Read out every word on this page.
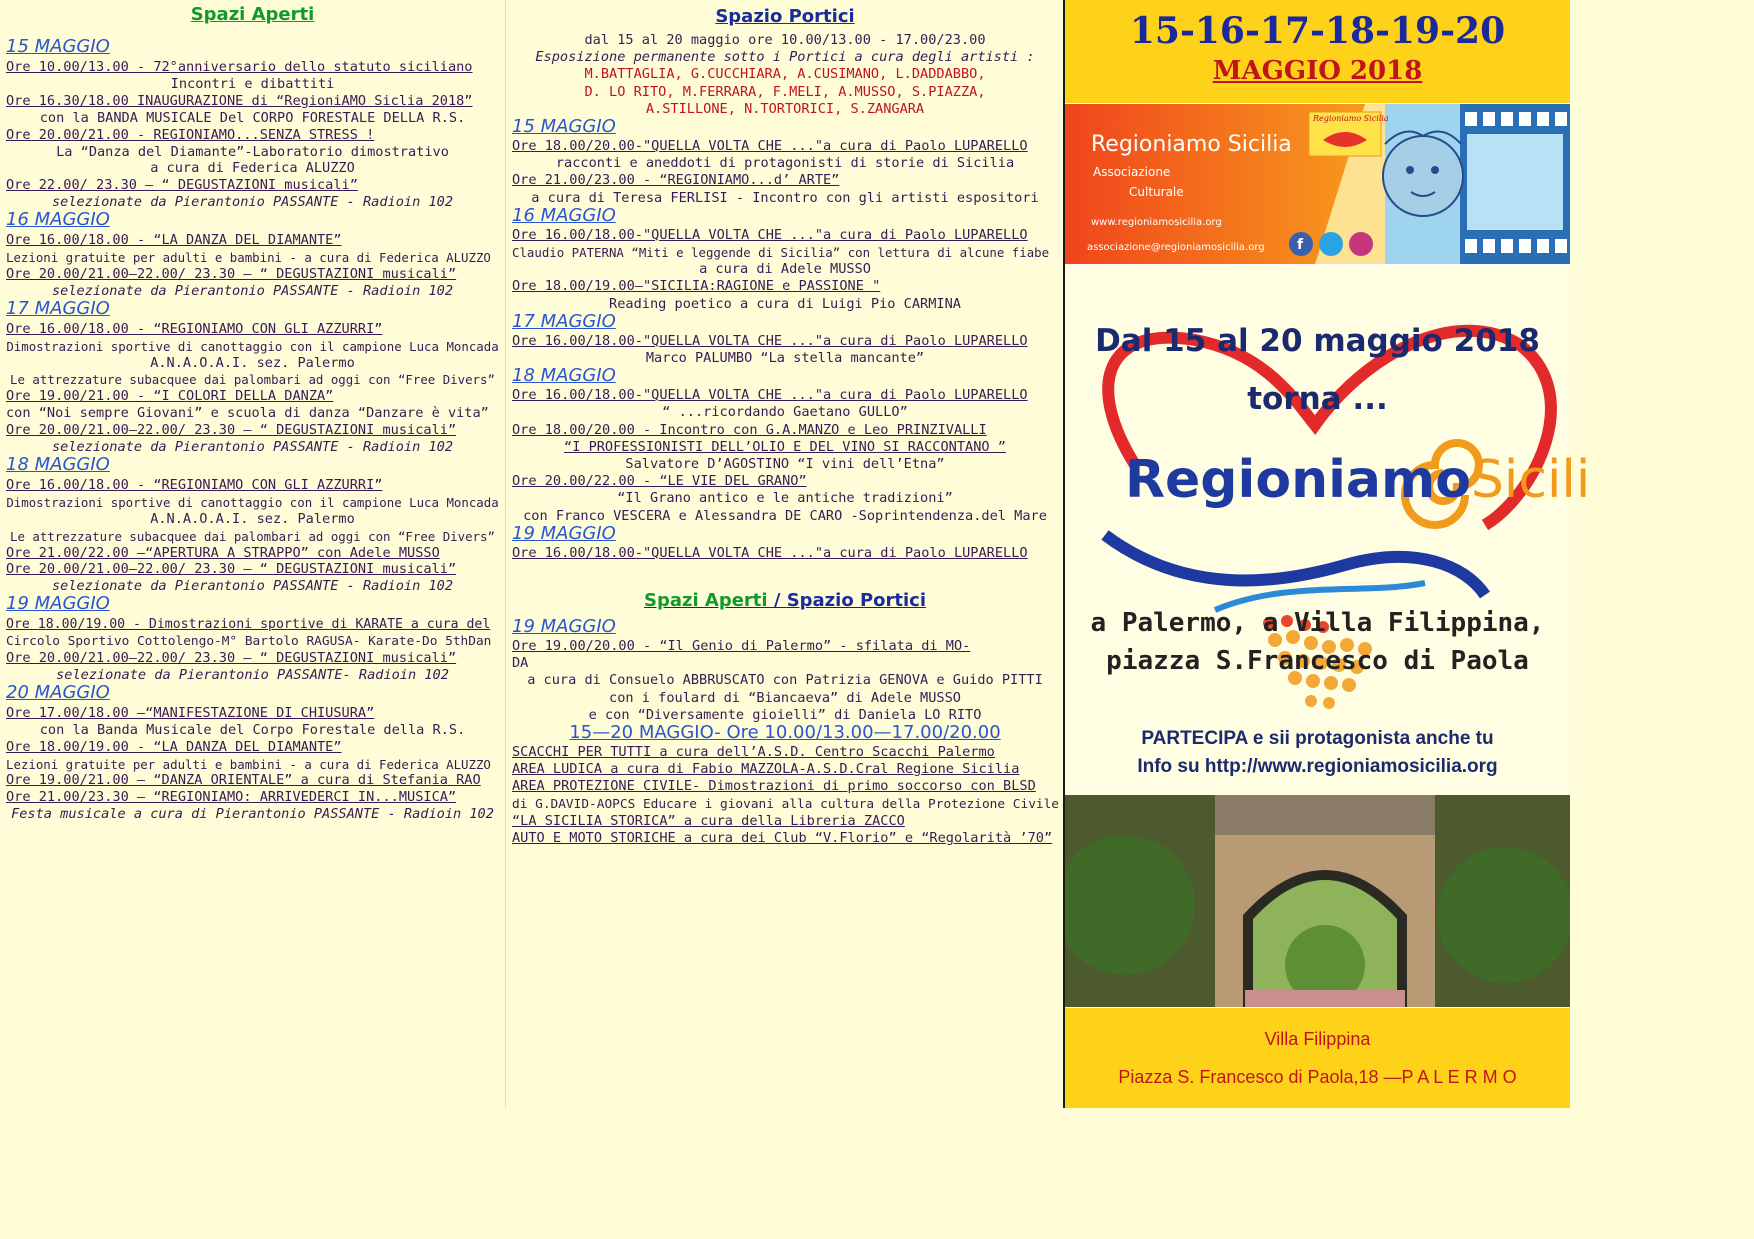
Spazi Aperti
15 MAGGIO
Ore 10.00/13.00 - 72°anniversario dello statuto siciliano
Incontri e dibattiti
Ore 16.30/18.00 INAUGURAZIONE di “RegioniAMO Siclia 2018”
con la BANDA MUSICALE Del CORPO FORESTALE DELLA R.S.
Ore 20.00/21.00 - REGIONIAMO...SENZA STRESS !
La “Danza del Diamante”-Laboratorio dimostrativo
a cura di Federica ALUZZO
Ore 22.00/ 23.30 — “ DEGUSTAZIONI musicali”
selezionate da Pierantonio PASSANTE - Radioin 102
16 MAGGIO
Ore 16.00/18.00 - “LA DANZA DEL DIAMANTE”
Lezioni gratuite per adulti e bambini - a cura di Federica ALUZZO
Ore 20.00/21.00—22.00/ 23.30 — “ DEGUSTAZIONI musicali”
selezionate da Pierantonio PASSANTE - Radioin 102
17 MAGGIO
Ore 16.00/18.00 - “REGIONIAMO CON GLI AZZURRI”
Dimostrazioni sportive di canottaggio con il campione Luca Moncada
A.N.A.O.A.I. sez. Palermo
Le attrezzature subacquee dai palombari ad oggi con “Free Divers”
Ore 19.00/21.00 - “I COLORI DELLA DANZA”
con “Noi sempre Giovani” e scuola di danza “Danzare è vita”
Ore 20.00/21.00—22.00/ 23.30 — “ DEGUSTAZIONI musicali”
selezionate da Pierantonio PASSANTE - Radioin 102
18 MAGGIO
Ore 16.00/18.00 - “REGIONIAMO CON GLI AZZURRI”
Dimostrazioni sportive di canottaggio con il campione Luca Moncada
A.N.A.O.A.I. sez. Palermo
Le attrezzature subacquee dai palombari ad oggi con “Free Divers”
Ore 21.00/22.00 —“APERTURA A STRAPPO” con Adele MUSSO
Ore 20.00/21.00—22.00/ 23.30 — “ DEGUSTAZIONI musicali”
selezionate da Pierantonio PASSANTE - Radioin 102
19 MAGGIO
Ore 18.00/19.00 - Dimostrazioni sportive di KARATE a cura del
Circolo Sportivo Cottolengo-M° Bartolo RAGUSA- Karate-Do 5thDan
Ore 20.00/21.00—22.00/ 23.30 — “ DEGUSTAZIONI musicali”
selezionate da Pierantonio PASSANTE- Radioin 102
20 MAGGIO
Ore 17.00/18.00 —“MANIFESTAZIONE DI CHIUSURA”
con la Banda Musicale del Corpo Forestale della R.S.
Ore 18.00/19.00 - “LA DANZA DEL DIAMANTE”
Lezioni gratuite per adulti e bambini - a cura di Federica ALUZZO
Ore 19.00/21.00 — “DANZA ORIENTALE” a cura di Stefania RAO
Ore 21.00/23.30 — “REGIONIAMO: ARRIVEDERCI IN...MUSICA”
Festa musicale a cura di Pierantonio PASSANTE - Radioin 102
Spazio Portici
dal 15 al 20 maggio ore 10.00/13.00 - 17.00/23.00
Esposizione permanente sotto i Portici a cura degli artisti :
M.BATTAGLIA, G.CUCCHIARA, A.CUSIMANO, L.DADDABBO,
D. LO RITO, M.FERRARA, F.MELI, A.MUSSO, S.PIAZZA,
A.STILLONE, N.TORTORICI, S.ZANGARA
15 MAGGIO
Ore 18.00/20.00-"QUELLA VOLTA CHE ..."a cura di Paolo LUPARELLO
racconti e aneddoti di protagonisti di storie di Sicilia
Ore 21.00/23.00 - “REGIONIAMO...d’ ARTE”
a cura di Teresa FERLISI - Incontro con gli artisti espositori
16 MAGGIO
Ore 16.00/18.00-"QUELLA VOLTA CHE ..."a cura di Paolo LUPARELLO
Claudio PATERNA “Miti e leggende di Sicilia” con lettura di alcune fiabe
a cura di Adele MUSSO
Ore 18.00/19.00—"SICILIA:RAGIONE e PASSIONE "
Reading poetico a cura di Luigi Pio CARMINA
17 MAGGIO
Ore 16.00/18.00-"QUELLA VOLTA CHE ..."a cura di Paolo LUPARELLO
Marco PALUMBO “La stella mancante”
18 MAGGIO
Ore 16.00/18.00-"QUELLA VOLTA CHE ..."a cura di Paolo LUPARELLO
“ ...ricordando Gaetano GULLO”
Ore 18.00/20.00 - Incontro con G.A.MANZO e Leo PRINZIVALLI
“I PROFESSIONISTI DELL’OLIO E DEL VINO SI RACCONTANO ”
Salvatore D’AGOSTINO “I vini dell’Etna”
Ore 20.00/22.00 - “LE VIE DEL GRANO”
“Il Grano antico e le antiche tradizioni”
con Franco VESCERA e Alessandra DE CARO -Soprintendenza.del Mare
19 MAGGIO
Ore 16.00/18.00-"QUELLA VOLTA CHE ..."a cura di Paolo LUPARELLO
Spazi Aperti / Spazio Portici
19 MAGGIO
Ore 19.00/20.00 - “Il Genio di Palermo” - sfilata di MO-
DA
a cura di Consuelo ABBRUSCATO con Patrizia GENOVA e Guido PITTI
con i foulard di “Biancaeva” di Adele MUSSO
e con “Diversamente gioielli” di Daniela LO RITO
15—20 MAGGIO- Ore 10.00/13.00—17.00/20.00
SCACCHI PER TUTTI a cura dell’A.S.D. Centro Scacchi Palermo
AREA LUDICA a cura di Fabio MAZZOLA-A.S.D.Cral Regione Sicilia
AREA PROTEZIONE CIVILE- Dimostrazioni di primo soccorso con BLSD
di G.DAVID-AOPCS Educare i giovani alla cultura della Protezione Civile
“LA SICILIA STORICA” a cura della Libreria ZACCO
AUTO E MOTO STORICHE a cura dei Club “V.Florio” e “Regolarità ’70”
15-16-17-18-19-20
MAGGIO 2018
f
Regioniamo Sicilia
Associazione
Culturale
www.regioniamosicilia.org
associazione@regioniamosicilia.org
Regioniamo Sicilia
Dal 15 al 20 maggio 2018
torna ...
RegioniamoSicili
a Palermo, a Villa Filippina,
piazza S.Francesco di Paola
PARTECIPA e sii protagonista anche tu
Info su http://www.regioniamosicilia.org
Villa Filippina
Piazza S. Francesco di Paola,18 —P A L E R M O
